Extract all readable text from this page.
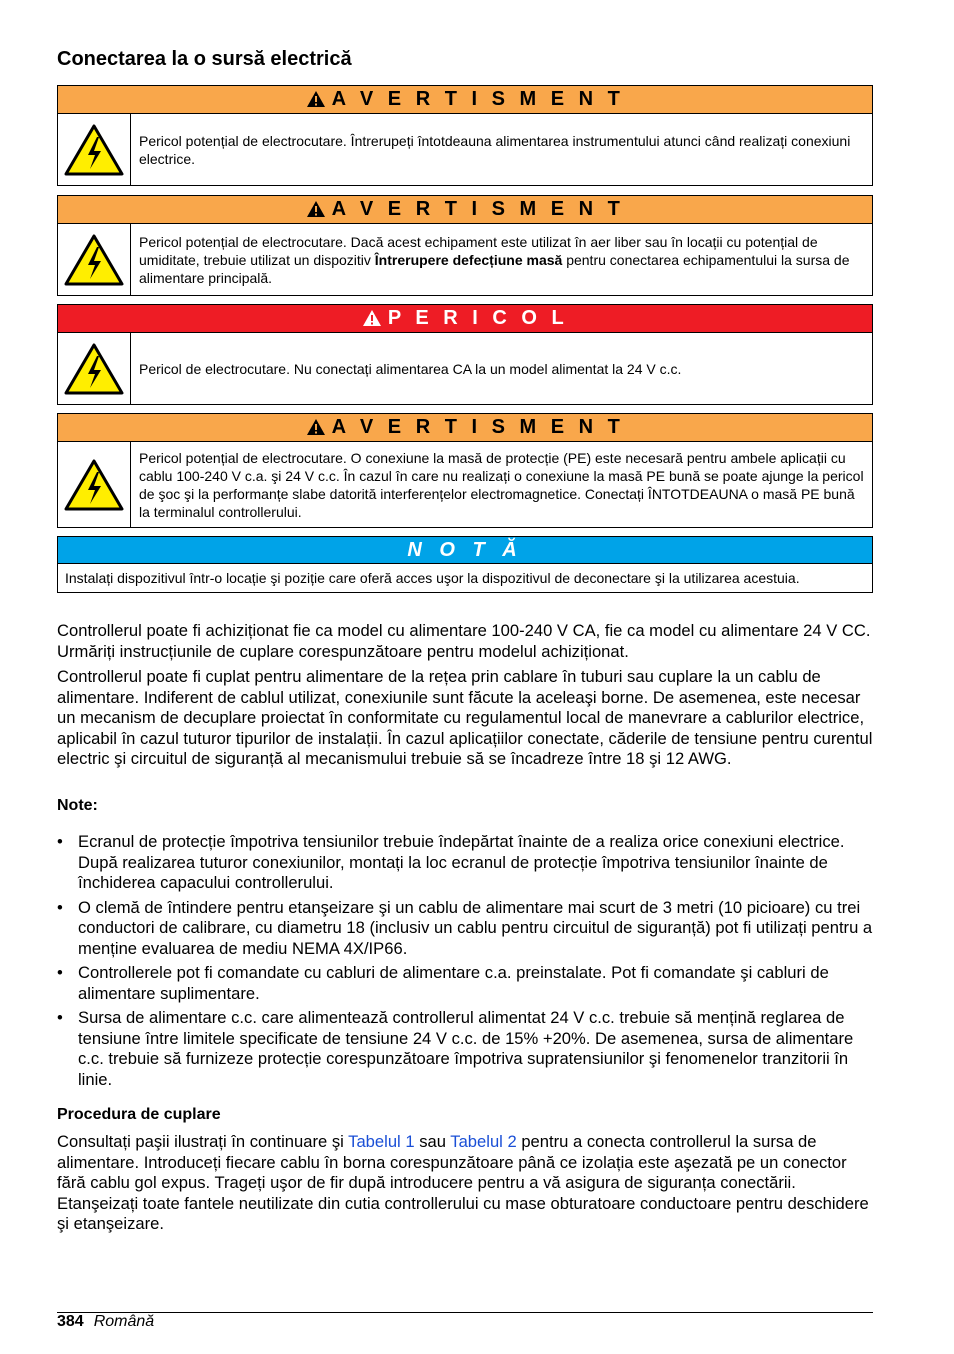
Conectarea la o sursă electrică
A V E R T I S M E N T
Pericol potențial de electrocutare. Întrerupeți întotdeauna alimentarea instrumentului atunci când realizați conexiuni electrice.
A V E R T I S M E N T
Pericol potențial de electrocutare. Dacă acest echipament este utilizat în aer liber sau în locații cu potențial de umiditate, trebuie utilizat un dispozitiv Întrerupere defecțiune masă pentru conectarea echipamentului la sursa de alimentare principală.
P E R I C O L
Pericol de electrocutare. Nu conectați alimentarea CA la un model alimentat la 24 V c.c.
A V E R T I S M E N T
Pericol potențial de electrocutare. O conexiune la masă de protecție (PE) este necesară pentru ambele aplicații cu cablu 100-240 V c.a. şi 24 V c.c. În cazul în care nu realizați o conexiune la masă PE bună se poate ajunge la pericol de şoc şi la performanțe slabe datorită interferențelor electromagnetice. Conectați ÎNTOTDEAUNA o masă PE bună la terminalul controllerului.
N O T Ă
Instalați dispozitivul într-o locație şi poziție care oferă acces uşor la dispozitivul de deconectare şi la utilizarea acestuia.

Controllerul poate fi achiziționat fie ca model cu alimentare 100-240 V CA, fie ca model cu alimentare 24 V CC. Urmăriți instrucțiunile de cuplare corespunzătoare pentru modelul achiziționat.

Controllerul poate fi cuplat pentru alimentare de la rețea prin cablare în tuburi sau cuplare la un cablu de alimentare. Indiferent de cablul utilizat, conexiunile sunt făcute la aceleaşi borne. De asemenea, este necesar un mecanism de decuplare proiectat în conformitate cu regulamentul local de manevrare a cablurilor electrice, aplicabil în cazul tuturor tipurilor de instalații. În cazul aplicațiilor conectate, căderile de tensiune pentru curentul electric şi circuitul de siguranță al mecanismului trebuie să se încadreze între 18 şi 12 AWG.

Note:

• Ecranul de protecție împotriva tensiunilor trebuie îndepărtat înainte de a realiza orice conexiuni electrice. După realizarea tuturor conexiunilor, montați la loc ecranul de protecție împotriva tensiunilor înainte de închiderea capacului controllerului.
• O clemă de întindere pentru etanşeizare şi un cablu de alimentare mai scurt de 3 metri (10 picioare) cu trei conductori de calibrare, cu diametru 18 (inclusiv un cablu pentru circuitul de siguranță) pot fi utilizați pentru a menține evaluarea de mediu NEMA 4X/IP66.
• Controllerele pot fi comandate cu cabluri de alimentare c.a. preinstalate. Pot fi comandate şi cabluri de alimentare suplimentare.
• Sursa de alimentare c.c. care alimentează controllerul alimentat 24 V c.c. trebuie să mențină reglarea de tensiune între limitele specificate de tensiune 24 V c.c. de 15% +20%. De asemenea, sursa de alimentare c.c. trebuie să furnizeze protecție corespunzătoare împotriva supratensiunilor şi fenomenelor tranzitorii în linie.

Procedura de cuplare

Consultați paşii ilustrați în continuare şi Tabelul 1 sau Tabelul 2 pentru a conecta controllerul la sursa de alimentare. Introduceți fiecare cablu în borna corespunzătoare până ce izolația este aşezată pe un conector fără cablu gol expus. Trageți uşor de fir după introducere pentru a vă asigura de siguranța conectării. Etanşeizați toate fantele neutilizate din cutia controllerului cu mase obturatoare conductoare pentru deschidere şi etanşeizare.

384 Română
